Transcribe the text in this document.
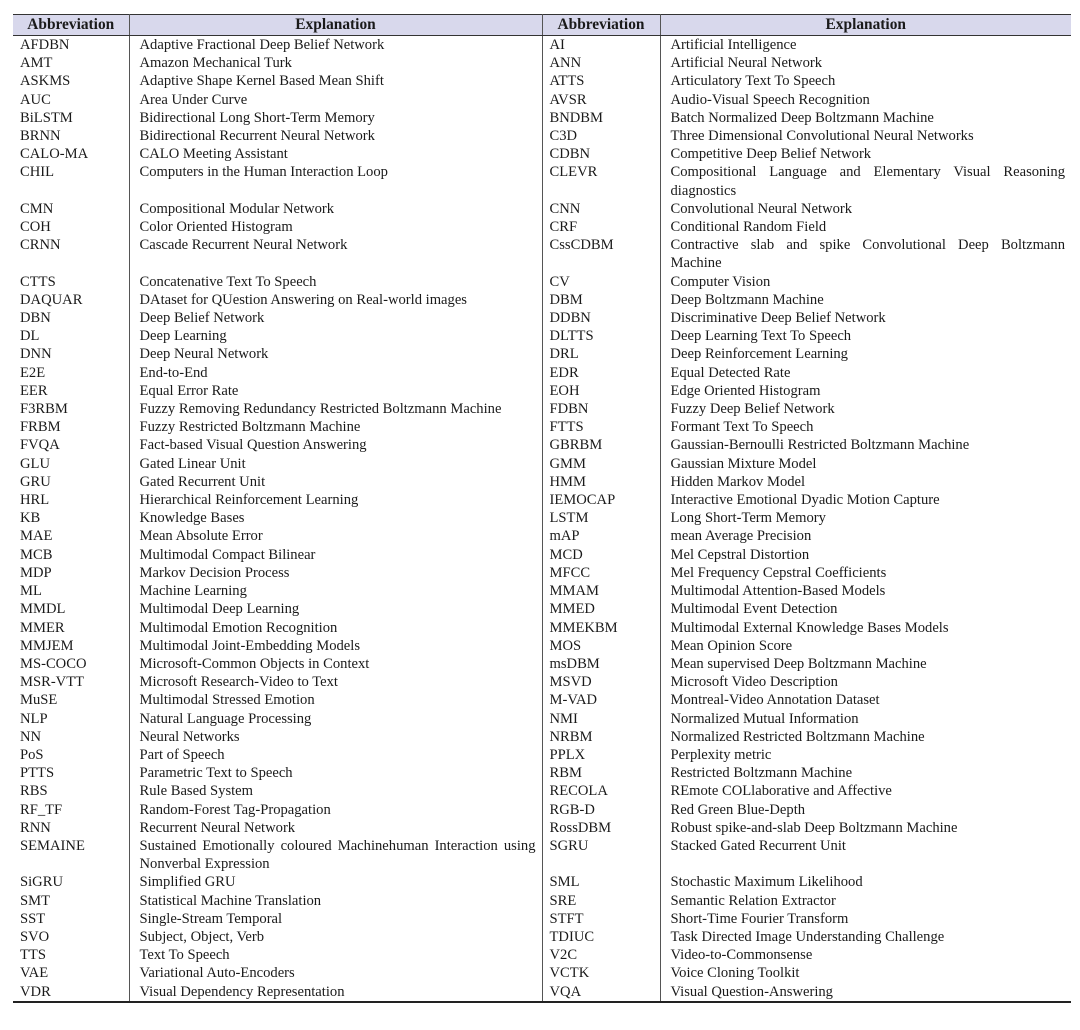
Abbreviation	Explanation	Abbreviation	Explanation
AFDBN	Adaptive Fractional Deep Belief Network	AI	Artificial Intelligence
AMT	Amazon Mechanical Turk	ANN	Artificial Neural Network
ASKMS	Adaptive Shape Kernel Based Mean Shift	ATTS	Articulatory Text To Speech
AUC	Area Under Curve	AVSR	Audio-Visual Speech Recognition
BiLSTM	Bidirectional Long Short-Term Memory	BNDBM	Batch Normalized Deep Boltzmann Machine
BRNN	Bidirectional Recurrent Neural Network	C3D	Three Dimensional Convolutional Neural Networks
CALO-MA	CALO Meeting Assistant	CDBN	Competitive Deep Belief Network
CHIL	Computers in the Human Interaction Loop	CLEVR	Compositional Language and Elementary Visual Reasoning diagnostics
CMN	Compositional Modular Network	CNN	Convolutional Neural Network
COH	Color Oriented Histogram	CRF	Conditional Random Field
CRNN	Cascade Recurrent Neural Network	CssCDBM	Contractive slab and spike Convolutional Deep Boltzmann Machine
CTTS	Concatenative Text To Speech	CV	Computer Vision
DAQUAR	DAtaset for QUestion Answering on Real-world images	DBM	Deep Boltzmann Machine
DBN	Deep Belief Network	DDBN	Discriminative Deep Belief Network
DL	Deep Learning	DLTTS	Deep Learning Text To Speech
DNN	Deep Neural Network	DRL	Deep Reinforcement Learning
E2E	End-to-End	EDR	Equal Detected Rate
EER	Equal Error Rate	EOH	Edge Oriented Histogram
F3RBM	Fuzzy Removing Redundancy Restricted Boltzmann Machine	FDBN	Fuzzy Deep Belief Network
FRBM	Fuzzy Restricted Boltzmann Machine	FTTS	Formant Text To Speech
FVQA	Fact-based Visual Question Answering	GBRBM	Gaussian-Bernoulli Restricted Boltzmann Machine
GLU	Gated Linear Unit	GMM	Gaussian Mixture Model
GRU	Gated Recurrent Unit	HMM	Hidden Markov Model
HRL	Hierarchical Reinforcement Learning	IEMOCAP	Interactive Emotional Dyadic Motion Capture
KB	Knowledge Bases	LSTM	Long Short-Term Memory
MAE	Mean Absolute Error	mAP	mean Average Precision
MCB	Multimodal Compact Bilinear	MCD	Mel Cepstral Distortion
MDP	Markov Decision Process	MFCC	Mel Frequency Cepstral Coefficients
ML	Machine Learning	MMAM	Multimodal Attention-Based Models
MMDL	Multimodal Deep Learning	MMED	Multimodal Event Detection
MMER	Multimodal Emotion Recognition	MMEKBM	Multimodal External Knowledge Bases Models
MMJEM	Multimodal Joint-Embedding Models	MOS	Mean Opinion Score
MS-COCO	Microsoft-Common Objects in Context	msDBM	Mean supervised Deep Boltzmann Machine
MSR-VTT	Microsoft Research-Video to Text	MSVD	Microsoft Video Description
MuSE	Multimodal Stressed Emotion	M-VAD	Montreal-Video Annotation Dataset
NLP	Natural Language Processing	NMI	Normalized Mutual Information
NN	Neural Networks	NRBM	Normalized Restricted Boltzmann Machine
PoS	Part of Speech	PPLX	Perplexity metric
PTTS	Parametric Text to Speech	RBM	Restricted Boltzmann Machine
RBS	Rule Based System	RECOLA	REmote COLlaborative and Affective
RF_TF	Random-Forest Tag-Propagation	RGB-D	Red Green Blue-Depth
RNN	Recurrent Neural Network	RossDBM	Robust spike-and-slab Deep Boltzmann Machine
SEMAINE	Sustained Emotionally coloured Machinehuman Interaction using Nonverbal Expression	SGRU	Stacked Gated Recurrent Unit
SiGRU	Simplified GRU	SML	Stochastic Maximum Likelihood
SMT	Statistical Machine Translation	SRE	Semantic Relation Extractor
SST	Single-Stream Temporal	STFT	Short-Time Fourier Transform
SVO	Subject, Object, Verb	TDIUC	Task Directed Image Understanding Challenge
TTS	Text To Speech	V2C	Video-to-Commonsense
VAE	Variational Auto-Encoders	VCTK	Voice Cloning Toolkit
VDR	Visual Dependency Representation	VQA	Visual Question-Answering
